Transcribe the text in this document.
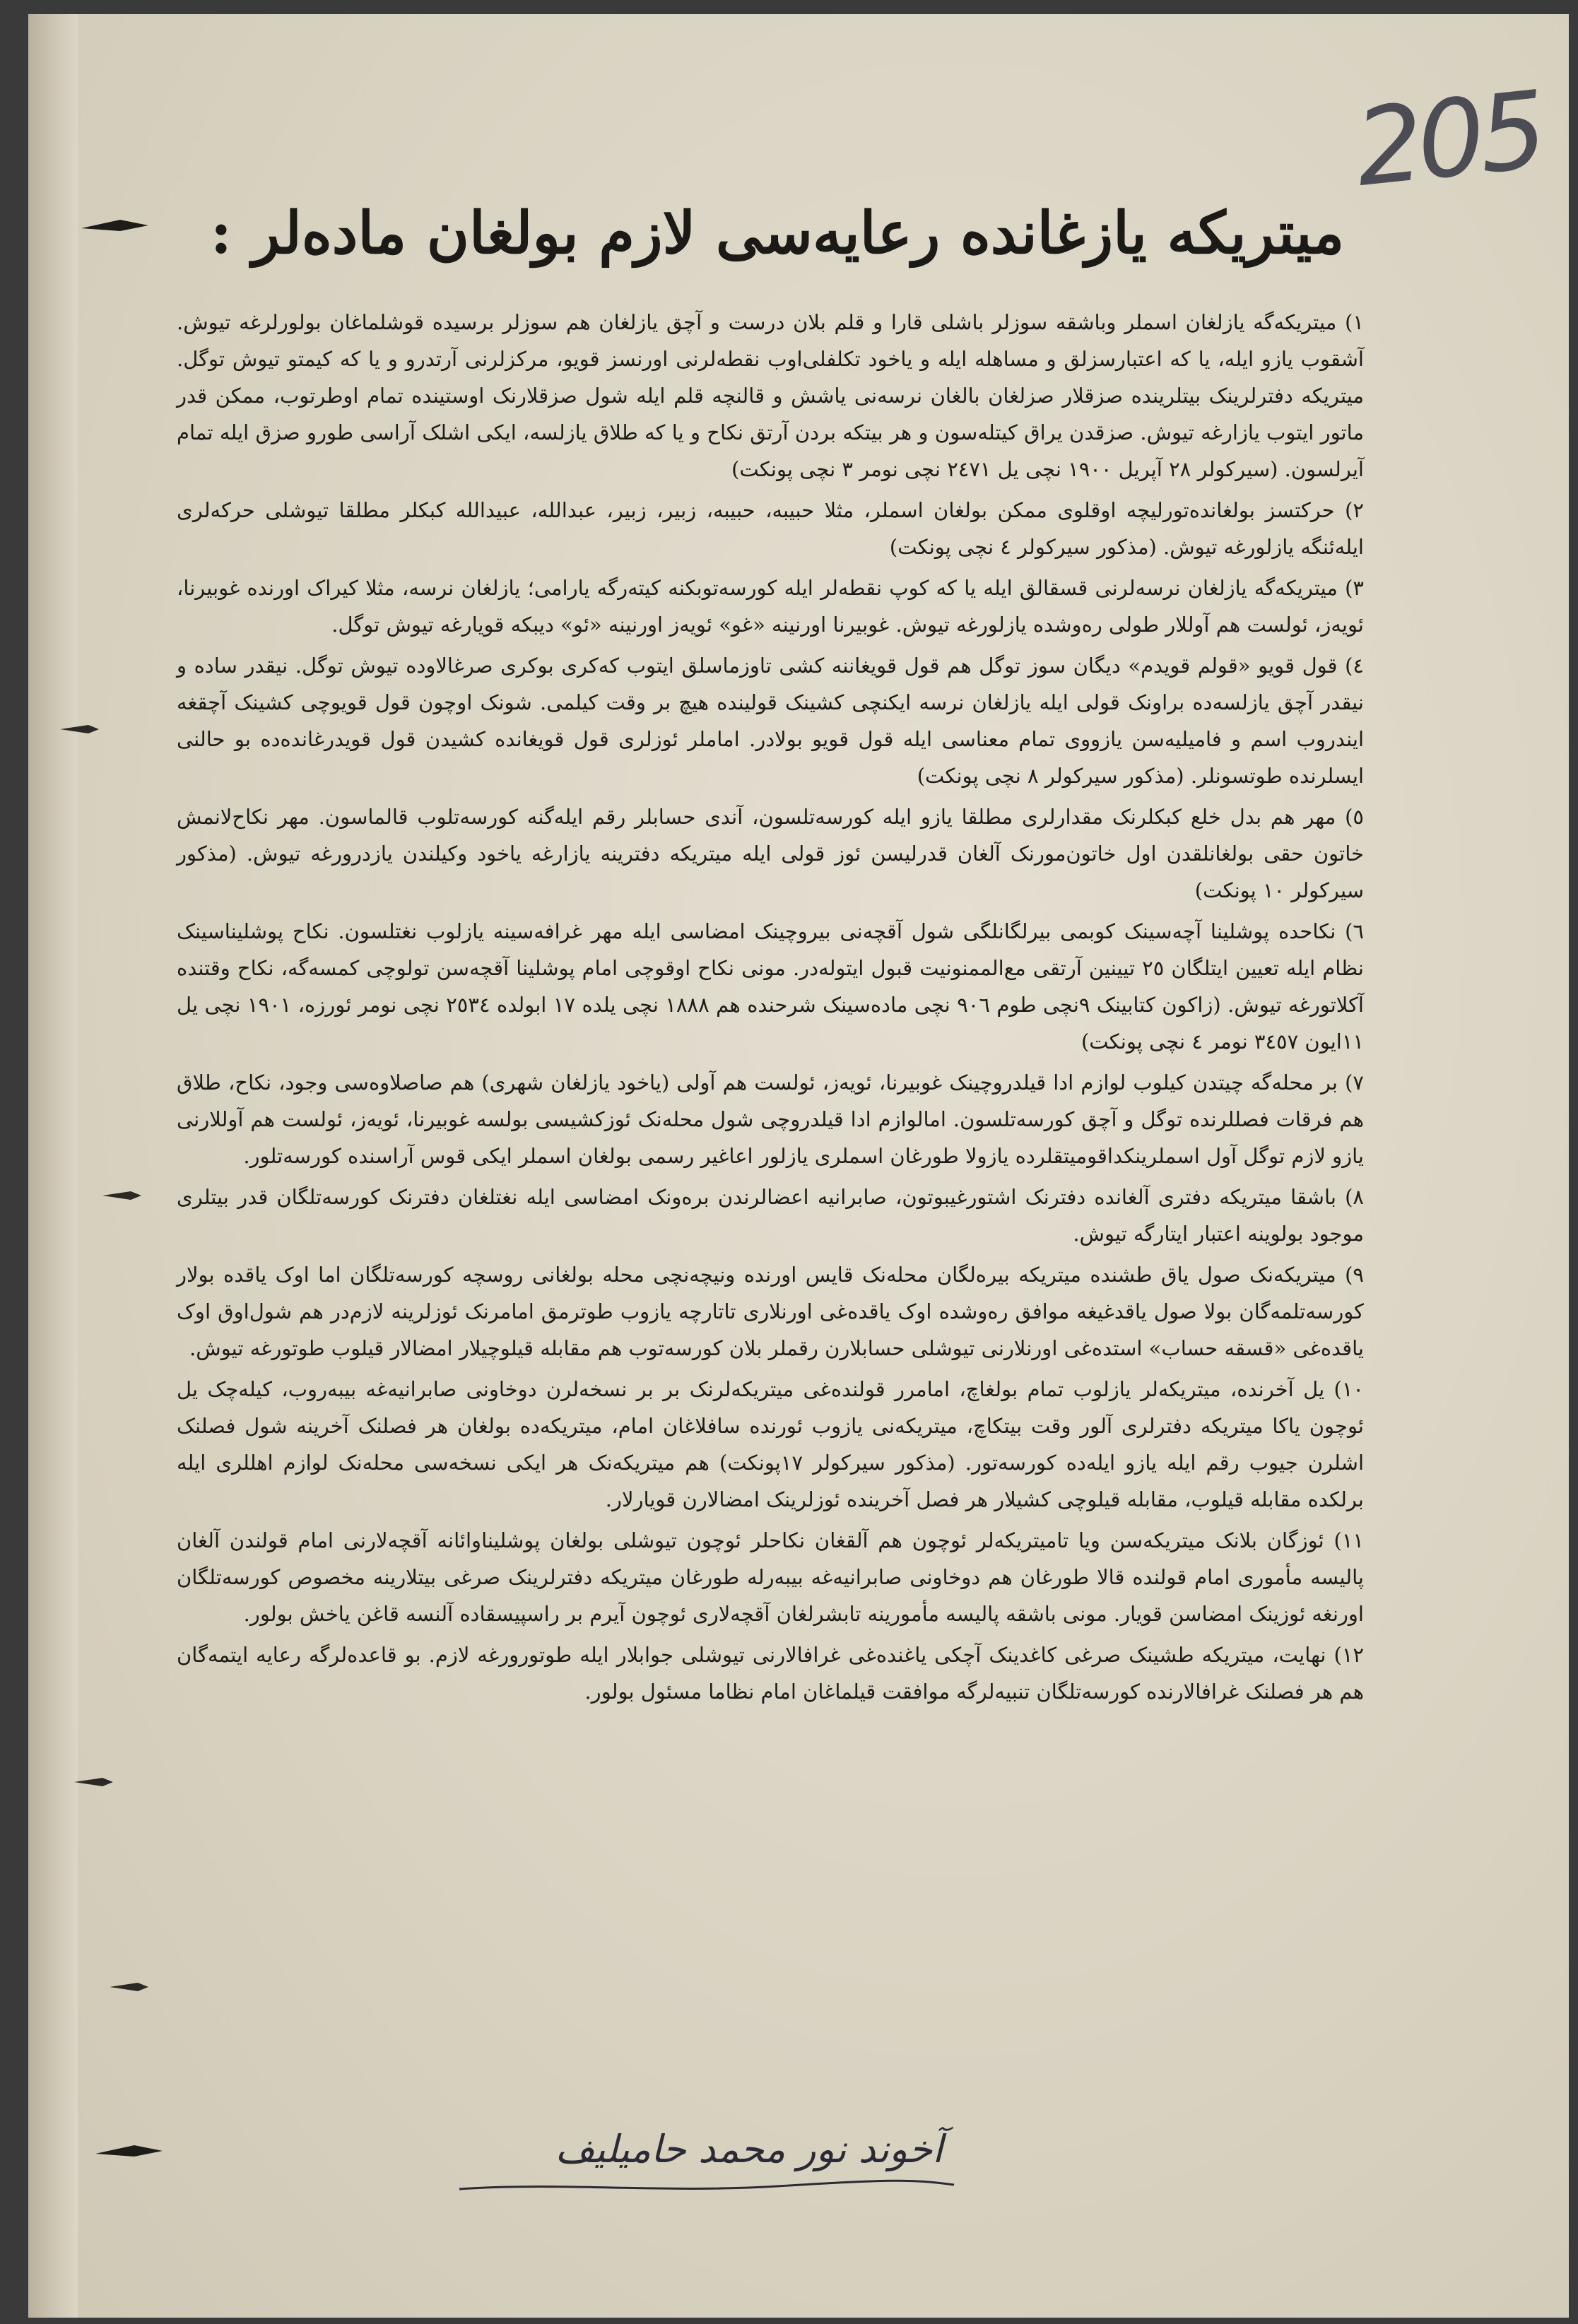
205
میتریکه یازغانده رعایه‌سی لازم بولغان ماده‌لر :

١) میتریکه‌گه یازلغان اسملر وباشقه سوزلر باشلی قارا و قلم بلان درست و آچق یازلغان هم سوزلر برسیده قوشلماغان بولورلرغه تیوش. آشقوب یازو ایله، یا که اعتبارسزلق و مساهله ایله و یاخود تکلفلی‌اوب نقطه‌لرنی اورنسز قویو، مرکزلرنی آرتدرو و یا که کیمتو تیوش توگل. میتریکه دفترلرینک بیتلرینده صزقلار صزلغان بالغان نرسه‌نی یاشش و قالنچه قلم ایله شول صزقلارنک اوستینده تمام اوطرتوب، ممکن قدر ماتور ایتوب یازارغه تیوش. صزقدن یراق کیتله‌سون و هر بیتکه بردن آرتق نکاح و یا که طلاق یازلسه، ایکی اشلک آراسی طورو صزق ایله تمام آیرلسون. (سیرکولر ٢٨ آپریل ١٩٠٠ نچی یل ٢٤٧١ نچی نومر ٣ نچی پونکت)

٢) حرکتسز بولغانده‌تورلیچه اوقلوی ممکن بولغان اسملر، مثلا حبیبه، حبیبه، زبیر، زبیر، عبدالله، عبیدالله کبکلر مطلقا تیوشلی حرکه‌لری ایله‌ئنگه یازلورغه تیوش. (مذکور سیرکولر ٤ نچی پونکت)

٣) میتریکه‌گه یازلغان نرسه‌لرنی قسقالق ایله یا که کوپ نقطه‌لر ایله کورسه‌توبکنه کیته‌رگه یارامی؛ یازلغان نرسه، مثلا کیراک اورنده غوبیرنا، ئویه‌ز، ئولست هم آوللار طولی ره‌وشده یازلورغه تیوش. غوبیرنا اورنینه «غو» ئویه‌ز اورنینه «ئو» دیبکه قویارغه تیوش توگل.

٤) قول قویو «قولم قویدم» دیگان سوز توگل هم قول قویغاننه کشی تاوزماسلق ایتوب که‌کری بوکری صرغالاوده تیوش توگل. نیقدر ساده و نیقدر آچق یازلسه‌ده براونک قولی ایله یازلغان نرسه ایکنچی کشینک قولینده هیچ بر وقت کیلمی. شونک اوچون قول قویوچی کشینک آچقغه ایندروب اسم و فامیلیه‌سن یازووی تمام معناسی ایله قول قویو بولادر. اماملر ئوزلری قول قویغانده کشیدن قول قویدرغانده‌ده بو حالنی ایسلرنده طوتسونلر. (مذکور سیرکولر ٨ نچی پونکت)

٥) مهر هم بدل خلع کبکلرنک مقدارلری مطلقا یازو ایله کورسه‌تلسون، آندی حسابلر رقم ایله‌گنه کورسه‌تلوب قالماسون. مهر نکاح‌لانمش خاتون حقی بولغانلقدن اول خاتون‌مورنک آلغان قدرلیسن ئوز قولی ایله میتریکه دفترینه یازارغه یاخود وکیلندن یازدرورغه تیوش. (مذکور سیرکولر ١٠ پونکت)

٦) نکاحده پوشلینا آچه‌سینک کوبمی بیرلگانلگی شول آقچه‌نی بیروچینک امضاسی ایله مهر غرافه‌سینه یازلوب نغتلسون. نکاح پوشلیناسینک نظام ایله تعیین ایتلگان ٢٥ تیینین آرتقی مع‌الممنونیت قبول ایتوله‌در. مونی نکاح اوقوچی امام پوشلینا آقچه‌سن تولوچی کمسه‌گه، نکاح وقتنده آکلاتورغه تیوش. (زاکون کتابینک ٩نچی طوم ٩٠٦ نچی ماده‌سینک شرحنده هم ١٨٨٨ نچی یلده ١٧ ابولده ٢٥٣٤ نچی نومر ئورزه، ١٩٠١ نچی یل ١١ایون ٣٤٥٧ نومر ٤ نچی پونکت)

٧) بر محله‌گه چیتدن کیلوب لوازم ادا قیلدروچینک غوبیرنا، ئویه‌ز، ئولست هم آولی (یاخود یازلغان شهری) هم صاصلاوه‌سی وجود، نکاح، طلاق هم فرقات فصللرنده توگل و آچق کورسه‌تلسون. امالوازم ادا قیلدروچی شول محله‌نک ئوزکشیسی بولسه غوبیرنا، ئویه‌ز، ئولست هم آوللارنی یازو لازم توگل آول اسملرینکداقوميتقلرده یازولا طورغان اسملری یازلور اعاغیر رسمی بولغان اسملر ایکی قوس آراسنده کورسه‌تلور.

٨) باشقا میتریکه دفتری آلغانده دفترنک اشتورغیبوتون، صابرانیه اعضالرندن بره‌ونک امضاسی ایله نغتلغان دفترنک کورسه‌تلگان قدر بیتلری موجود بولوینه اعتبار ایتارگه تیوش.

٩) میتریکه‌نک صول یاق طشنده میتریکه بیره‌لگان محله‌نک قایس اورنده ونیچه‌نچی محله بولغانی روسچه کورسه‌تلگان اما اوک یاقده بولار کورسه‌تلمه‌گان بولا صول یاقدغیغه موافق ره‌وشده اوک یاقده‌غی اورنلاری تاتارچه یازوب طوترمق امامرنک ئوزلرینه لازم‌در هم شول‌اوق اوک یاقده‌غی «قسقه حساب» استده‌غی اورنلارنی تیوشلی حسابلارن رقملر بلان کورسه‌توب هم مقابله قیلوچیلار امضالار قیلوب طوتورغه تیوش.

١٠) یل آخرنده، میتریکه‌لر یازلوب تمام بولغاچ، امامرر قولنده‌غی میتریکه‌لرنک بر بر نسخه‌لرن دوخاونی صابرانیه‌غه بیبه‌روب، کیله‌چک یل ئوچون یاکا میتریکه دفترلری آلور وقت بیتکاچ، میتریکه‌نی یازوب ئورنده سافلاغان امام، میتریکه‌ده بولغان هر فصلنک آخرینه شول فصلنک اشلرن جیوب رقم ایله یازو ایله‌ده کورسه‌تور. (مذکور سیرکولر ١٧پونکت) هم میتریکه‌نک هر ایکی نسخه‌سی محله‌نک لوازم اهللری ایله برلکده مقابله قیلوب، مقابله قیلوچی کشیلار هر فصل آخرینده ئوزلرینک امضالارن قویارلار.

١١) ئوزگان بلانک میتریکه‌سن ویا تامیتریکه‌لر ئوچون هم آلقغان نکاحلر ئوچون تیوشلی بولغان پوشلیناوا‌ئانه آقچه‌لارنی امام قولندن آلغان پالیسه مأموری امام قولنده قالا طورغان هم دوخاونی صابرانیه‌غه بیبه‌رله طورغان میتریکه دفترلرینک صرغی بیتلارینه مخصوص کورسه‌تلگان اورنغه ئوزینک امضاسن قویار. مونی باشقه پالیسه مأمورینه تابشرلغان آقچه‌لاری ئوچون آیرم بر راسپیسقاده آلنسه قاغن یاخش بولور.

١٢) نهایت، میتریکه طشینک صرغی کاغدینک آچکی یاغنده‌غی غرافالارنی تیوشلی جوابلار ایله طوتورورغه لازم. بو قاعده‌لرگه رعایه ایتمه‌گان هم هر فصلنک غرافالارنده کورسه‌تلگان تنبیه‌لرگه موافقت قیلماغان امام نظاما مسئول بولور.

آخوند نور محمد حامیلیف
